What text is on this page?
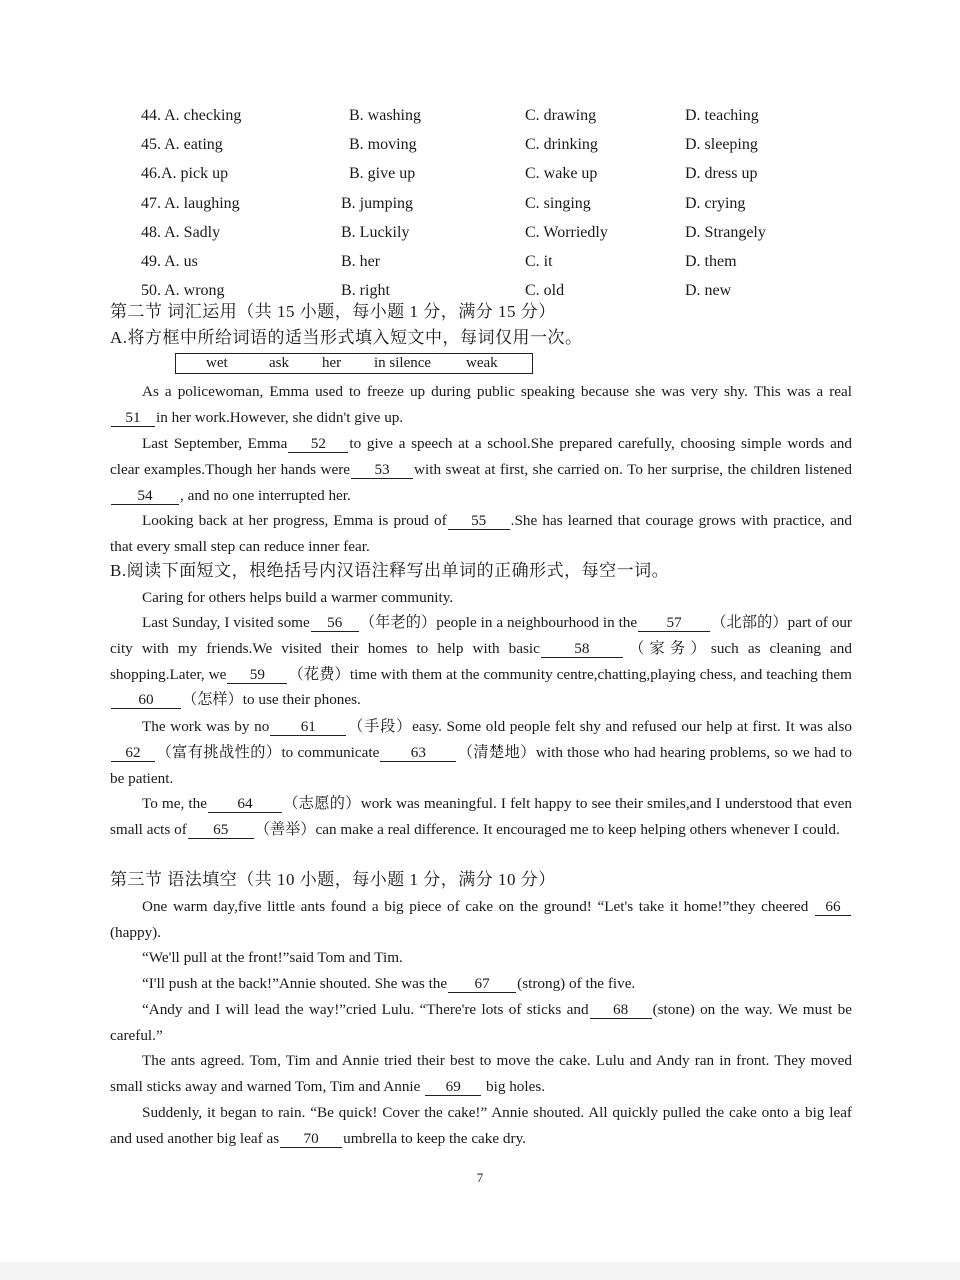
44. A. checking	B. washing	C. drawing	D. teaching
45. A. eating	B. moving	C. drinking	D. sleeping
46.A. pick up	B. give up	C. wake up	D. dress up
47. A. laughing	B. jumping	C. singing	D. crying
48. A. Sadly	B. Luckily	C. Worriedly	D. Strangely
49. A. us	B. her	C. it	D. them
50. A. wrong	B. right	C. old	D. new
第二节 词汇运用（共 15 小题，每小题 1 分，满分 15 分）
A.将方框中所给词语的适当形式填入短文中，每词仅用一次。
wet	ask her in silence weak
As a policewoman, Emma used to freeze up during public speaking because she was very shy. This was a real 51 in her work.However, she didn't give up.
Last September, Emma 52 to give a speech at a school.She prepared carefully, choosing simple words and clear examples.Though her hands were 53 with sweat at first, she carried on. To her surprise, the children listened54 , and no one interrupted her.
Looking back at her progress, Emma is proud of 55 .She has learned that courage grows with practice, and that every small step can reduce inner fear.
B.阅读下面短文，根绝括号内汉语注释写出单词的正确形式，每空一词。
Caring for others helps build a warmer community.
Last Sunday, I visited some 56 （年老的）people in a neighbourhood in the 57 （北部的）part of our city with my friends.We visited their homes to help with basic 58 （家务）such as cleaning and shopping.Later, we 59 （花费）time with them at the community centre,chatting,playing chess, and teaching them60 （怎样）to use their phones.
The work was by no 61 （手段）easy. Some old people felt shy and refused our help at first. It was also 62 （富有挑战性的）to communicate 63 （清楚地）with those who had hearing problems, so we had to be patient.
To me, the 64 （志愿的）work was meaningful. I felt happy to see their smiles,and I understood that even small acts of 65 （善举）can make a real difference. It encouraged me to keep helping others whenever I could.
第三节 语法填空（共 10 小题，每小题 1 分，满分 10 分）
One warm day,five little ants found a big piece of cake on the ground! “Let's take it home!”they cheered 66(happy).
“We'll pull at the front!”said Tom and Tim.
“I'll push at the back!”Annie shouted. She was the 67 (strong) of the five.
“Andy and I will lead the way!”cried Lulu. “There're lots of sticks and 68 (stone) on the way. We must be careful.”
The ants agreed. Tom, Tim and Annie tried their best to move the cake. Lulu and Andy ran in front. They moved small sticks away and warned Tom, Tim and Annie 69 big holes.
Suddenly, it began to rain. “Be quick! Cover the cake!” Annie shouted. All quickly pulled the cake onto a big leaf and used another big leaf as 70 umbrella to keep the cake dry.
7
